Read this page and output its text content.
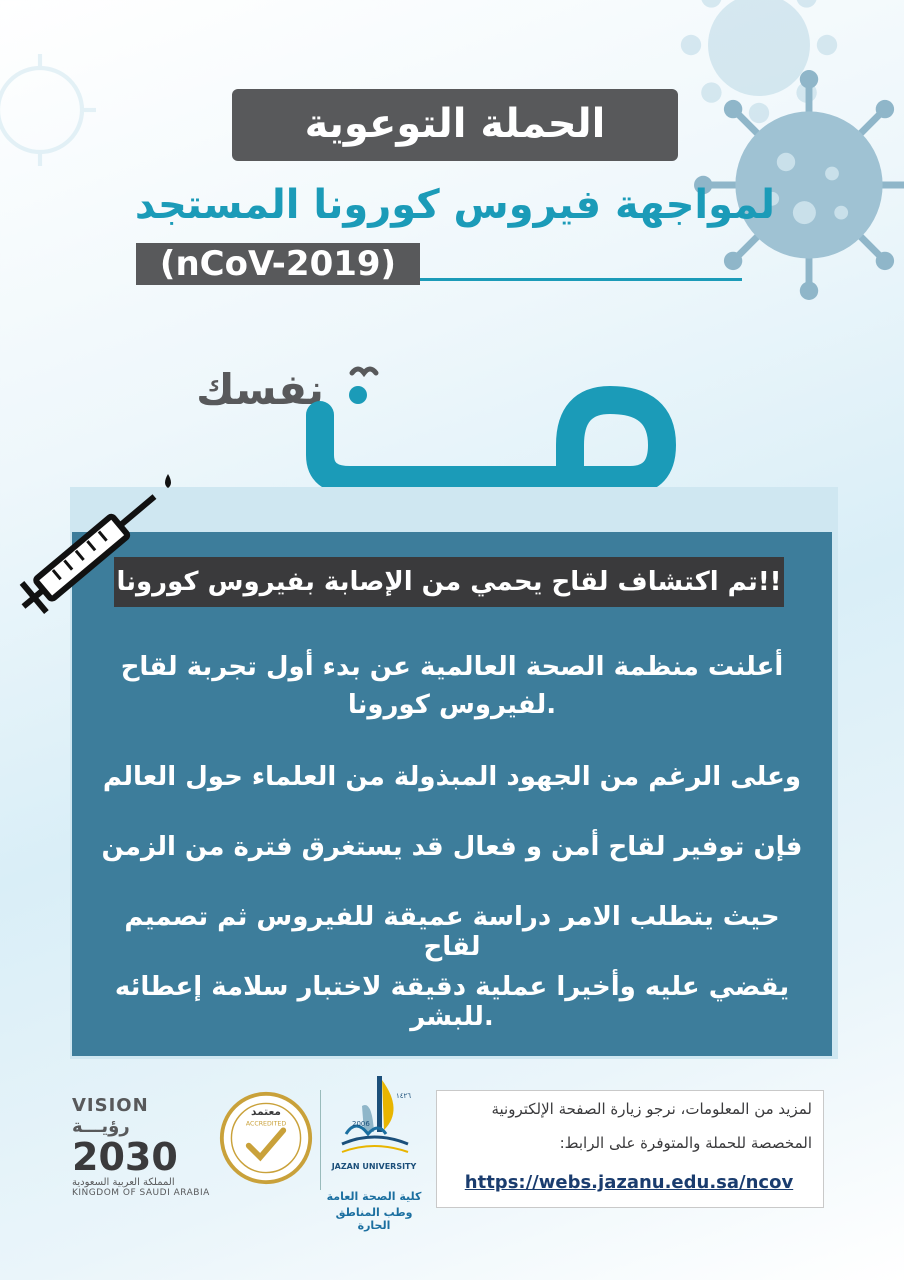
الحملة التوعوية
لمواجهة فيروس كورونا المستجد
(nCoV-2019)
نفسك
صن
تم اكتشاف لقاح يحمي من الإصابة بفيروس كورونا!!
أعلنت منظمة الصحة العالمية عن بدء أول تجربة لقاح
لفيروس كورونا.
وعلى الرغم من الجهود المبذولة من العلماء حول العالم
فإن توفير لقاح أمن و فعال قد يستغرق فترة من الزمن
حيث يتطلب الامر دراسة عميقة للفيروس ثم تصميم لقاح
يقضي عليه وأخيرا عملية دقيقة لاختبار سلامة إعطائه للبشر.
VISION رؤيـــة
2030
المملكة العربية السعودية
KINGDOM OF SAUDI ARABIA
معتمد
ACCREDITED	2006
١٤٢٦
JAZAN UNIVERSITY
كلية الصحة العامة
وطب المناطق الحارة
لمزيد من المعلومات، نرجو زيارة الصفحة الإلكترونية
المخصصة للحملة والمتوفرة على الرابط:
https://webs.jazanu.edu.sa/ncov
